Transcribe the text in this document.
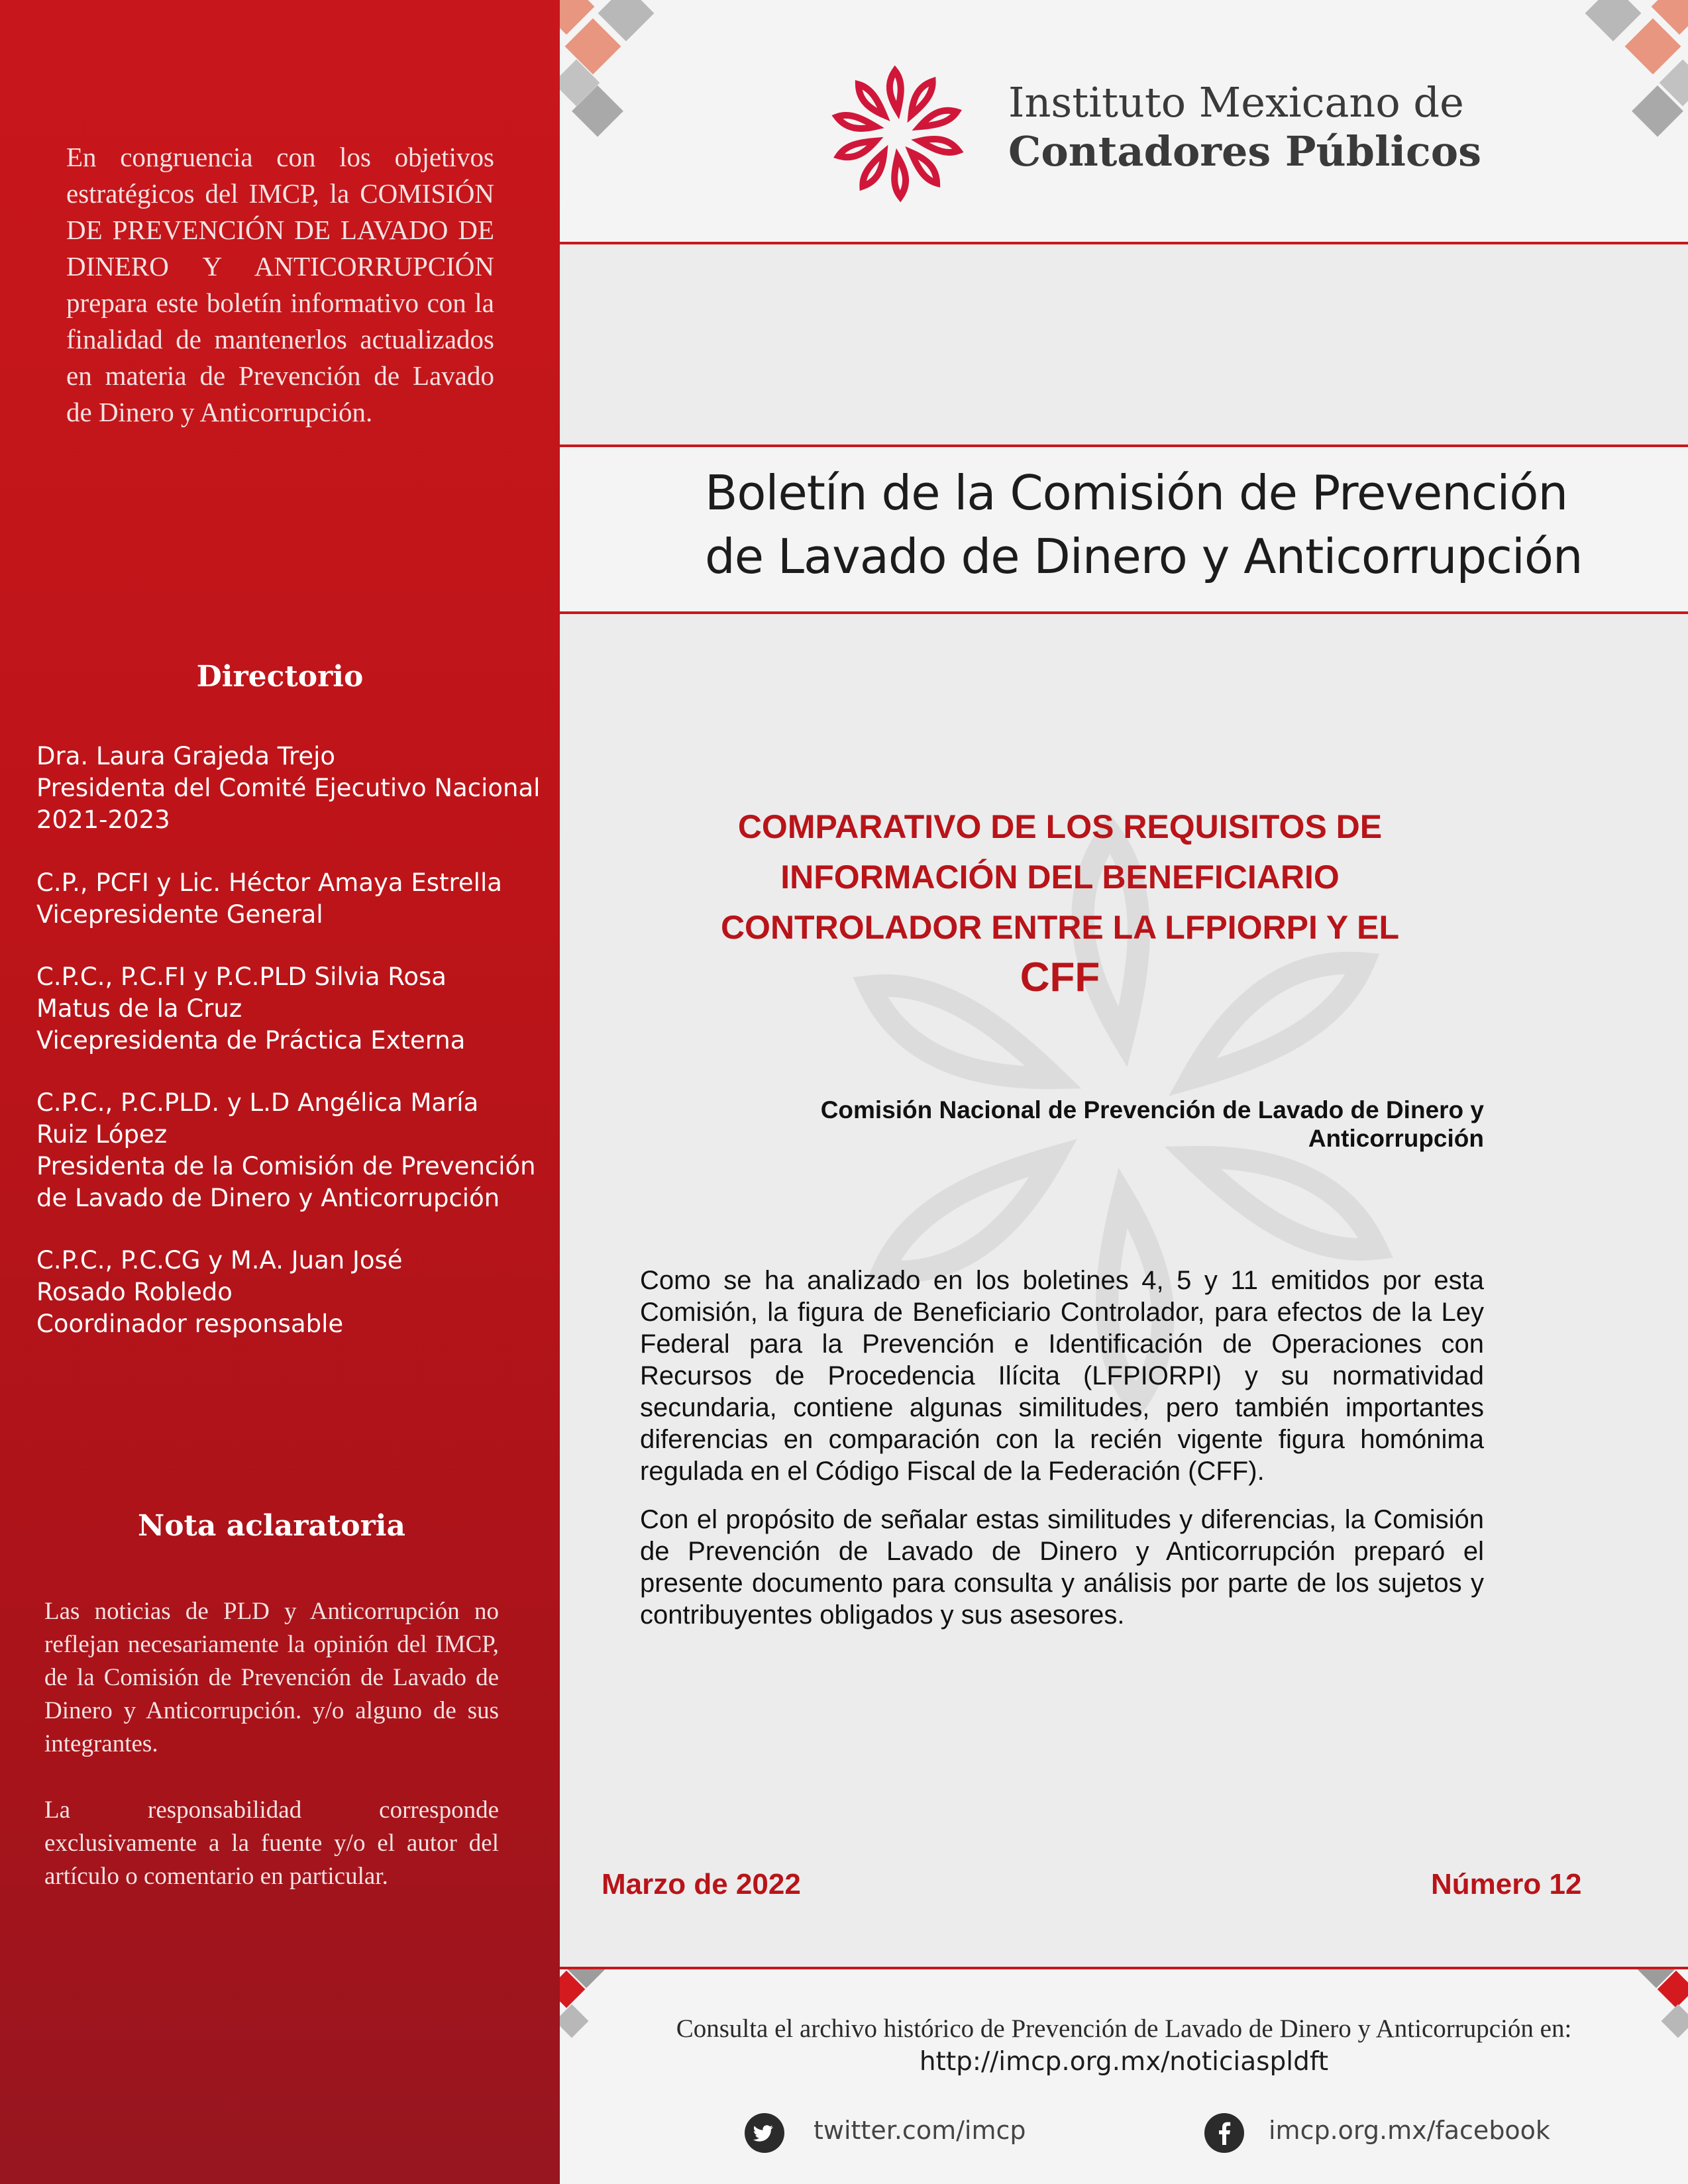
En congruencia con los objetivos estratégicos del IMCP, la COMISIÓN DE PREVENCIÓN DE LAVADO DE DINERO Y ANTICORRUPCIÓN prepara este boletín informativo con la finalidad de mantenerlos actualizados en materia de Prevención de Lavado de Dinero y Anticorrupción.
Directorio
Dra. Laura Grajeda Trejo
Presidenta del Comité Ejecutivo Nacional
2021-2023
C.P., PCFI y Lic. Héctor Amaya Estrella
Vicepresidente General
C.P.C., P.C.FI y P.C.PLD Silvia Rosa
Matus de la Cruz
Vicepresidenta de Práctica Externa
C.P.C., P.C.PLD. y L.D Angélica María
Ruiz López
Presidenta de la Comisión de Prevención
de Lavado de Dinero y Anticorrupción
C.P.C., P.C.CG y M.A. Juan José
Rosado Robledo
Coordinador responsable
Nota aclaratoria
Las noticias de PLD y Anticorrupción no reflejan necesariamente la opinión del IMCP, de la Comisión de Prevención de Lavado de Dinero y Anticorrupción. y/o alguno de sus integrantes.
La responsabilidad corresponde exclusivamente a la fuente y/o el autor del artículo o comentario en particular.
Instituto Mexicano de
Contadores Públicos
Boletín de la Comisión de Prevención
de Lavado de Dinero y Anticorrupción
COMPARATIVO DE LOS REQUISITOS DE
INFORMACIÓN DEL BENEFICIARIO
CONTROLADOR ENTRE LA LFPIORPI Y EL
CFF
Comisión Nacional de Prevención de Lavado de Dinero y
Anticorrupción
Como se ha analizado en los boletines 4, 5 y 11 emitidos por esta Comisión, la figura de Beneficiario Controlador, para efectos de la Ley Federal para la Prevención e Identificación de Operaciones con Recursos de Procedencia Ilícita (LFPIORPI) y su normatividad secundaria, contiene algunas similitudes, pero también importantes diferencias en comparación con la recién vigente figura homónima regulada en el Código Fiscal de la Federación (CFF).
Con el propósito de señalar estas similitudes y diferencias, la Comisión de Prevención de Lavado de Dinero y Anticorrupción preparó el presente documento para consulta y análisis por parte de los sujetos y contribuyentes obligados y sus asesores.
Marzo de 2022	Número 12
Consulta el archivo histórico de Prevención de Lavado de Dinero y Anticorrupción en:
http://imcp.org.mx/noticiaspldft
twitter.com/imcp	imcp.org.mx/facebook
